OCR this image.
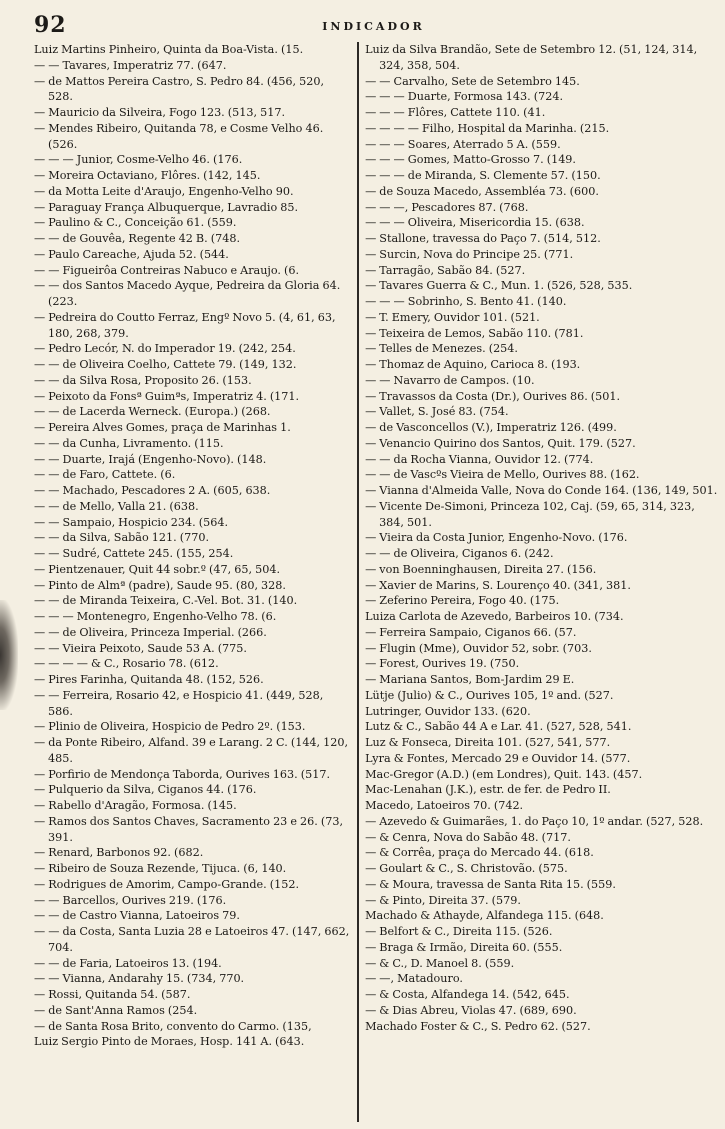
92	INDICADOR
Luiz Martins Pinheiro, Quinta da Boa-Vista. (15.
— — Tavares, Imperatriz 77. (647.
— de Mattos Pereira Castro, S. Pedro 84. (456, 520, 528.
— Mauricio da Silveira, Fogo 123. (513, 517.
— Mendes Ribeiro, Quitanda 78, e Cosme Velho 46. (526.
— — — Junior, Cosme-Velho 46. (176.
— Moreira Octaviano, Flôres. (142, 145.
— da Motta Leite d'Araujo, Engenho-Velho 90.
— Paraguay França Albuquerque, Lavradio 85.
— Paulino & C., Conceição 61. (559.
— — de Gouvêa, Regente 42 B. (748.
— Paulo Careache, Ajuda 52. (544.
— — Figueirôa Contreiras Nabuco e Araujo. (6.
— — dos Santos Macedo Ayque, Pedreira da Gloria 64. (223.
— Pedreira do Coutto Ferraz, Engº Novo 5. (4, 61, 63, 180, 268, 379.
— Pedro Lecór, N. do Imperador 19. (242, 254.
— — de Oliveira Coelho, Cattete 79. (149, 132.
— — da Silva Rosa, Proposito 26. (153.
— Peixoto da Fonsª Guimªs, Imperatriz 4. (171.
— — de Lacerda Werneck. (Europa.) (268.
— Pereira Alves Gomes, praça de Marinhas 1.
— — da Cunha, Livramento. (115.
— — Duarte, Irajá (Engenho-Novo). (148.
— — de Faro, Cattete. (6.
— — Machado, Pescadores 2 A. (605, 638.
— — de Mello, Valla 21. (638.
— — Sampaio, Hospicio 234. (564.
— — da Silva, Sabão 121. (770.
— — Sudré, Cattete 245. (155, 254.
— Pientzenauer, Quit 44 sobr.º (47, 65, 504.
— Pinto de Almª (padre), Saude 95. (80, 328.
— — de Miranda Teixeira, C.-Vel. Bot. 31. (140.
— — — Montenegro, Engenho-Velho 78. (6.
— — de Oliveira, Princeza Imperial. (266.
— — Vieira Peixoto, Saude 53 A. (775.
— — — — & C., Rosario 78. (612.
— Pires Farinha, Quitanda 48. (152, 526.
— — Ferreira, Rosario 42, e Hospicio 41. (449, 528, 586.
— Plinio de Oliveira, Hospicio de Pedro 2º. (153.
— da Ponte Ribeiro, Alfand. 39 e Larang. 2 C. (144, 120, 485.
— Porfirio de Mendonça Taborda, Ourives 163. (517.
— Pulquerio da Silva, Ciganos 44. (176.
— Rabello d'Aragão, Formosa. (145.
— Ramos dos Santos Chaves, Sacramento 23 e 26. (73, 391.
— Renard, Barbonos 92. (682.
— Ribeiro de Souza Rezende, Tijuca. (6, 140.
— Rodrigues de Amorim, Campo-Grande. (152.
— — Barcellos, Ourives 219. (176.
— — de Castro Vianna, Latoeiros 79.
— — da Costa, Santa Luzia 28 e Latoeiros 47. (147, 662, 704.
— — de Faria, Latoeiros 13. (194.
— — Vianna, Andarahy 15. (734, 770.
— Rossi, Quitanda 54. (587.
— de Sant'Anna Ramos (254.
— de Santa Rosa Brito, convento do Carmo. (135,
Luiz Sergio Pinto de Moraes, Hosp. 141 A. (643.
Luiz da Silva Brandão, Sete de Setembro 12. (51, 124, 314, 324, 358, 504.
— — Carvalho, Sete de Setembro 145.
— — — Duarte, Formosa 143. (724.
— — — Flôres, Cattete 110. (41.
— — — — Filho, Hospital da Marinha. (215.
— — — Soares, Aterrado 5 A. (559.
— — — Gomes, Matto-Grosso 7. (149.
— — — de Miranda, S. Clemente 57. (150.
— de Souza Macedo, Assembléa 73. (600.
— — —, Pescadores 87. (768.
— — — Oliveira, Misericordia 15. (638.
— Stallone, travessa do Paço 7. (514, 512.
— Surcin, Nova do Principe 25. (771.
— Tarragão, Sabão 84. (527.
— Tavares Guerra & C., Mun. 1. (526, 528, 535.
— — — Sobrinho, S. Bento 41. (140.
— T. Emery, Ouvidor 101. (521.
— Teixeira de Lemos, Sabão 110. (781.
— Telles de Menezes. (254.
— Thomaz de Aquino, Carioca 8. (193.
— — Navarro de Campos. (10.
— Travassos da Costa (Dr.), Ourives 86. (501.
— Vallet, S. José 83. (754.
— de Vasconcellos (V.), Imperatriz 126. (499.
— Venancio Quirino dos Santos, Quit. 179. (527.
— — da Rocha Vianna, Ouvidor 12. (774.
— — de Vascºs Vieira de Mello, Ourives 88. (162.
— Vianna d'Almeida Valle, Nova do Conde 164. (136, 149, 501.
— Vicente De-Simoni, Princeza 102, Caj. (59, 65, 314, 323, 384, 501.
— Vieira da Costa Junior, Engenho-Novo. (176.
— — de Oliveira, Ciganos 6. (242.
— von Boenninghausen, Direita 27. (156.
— Xavier de Marins, S. Lourenço 40. (341, 381.
— Zeferino Pereira, Fogo 40. (175.
Luiza Carlota de Azevedo, Barbeiros 10. (734.
— Ferreira Sampaio, Ciganos 66. (57.
— Flugin (Mme), Ouvidor 52, sobr. (703.
— Forest, Ourives 19. (750.
— Mariana Santos, Bom-Jardim 29 E.
Lütje (Julio) & C., Ourives 105, 1º and. (527.
Lutringer, Ouvidor 133. (620.
Lutz & C., Sabão 44 A e Lar. 41. (527, 528, 541.
Luz & Fonseca, Direita 101. (527, 541, 577.
Lyra & Fontes, Mercado 29 e Ouvidor 14. (577.
Mac-Gregor (A.D.) (em Londres), Quit. 143. (457.
Mac-Lenahan (J.K.), estr. de fer. de Pedro II.
Macedo, Latoeiros 70. (742.
— Azevedo & Guimarães, 1. do Paço 10, 1º andar. (527, 528.
— & Cenra, Nova do Sabão 48. (717.
— & Corrêa, praça do Mercado 44. (618.
— Goulart & C., S. Christovão. (575.
— & Moura, travessa de Santa Rita 15. (559.
— & Pinto, Direita 37. (579.
Machado & Athayde, Alfandega 115. (648.
— Belfort & C., Direita 115. (526.
— Braga & Irmão, Direita 60. (555.
— & C., D. Manoel 8. (559.
— —, Matadouro.
— & Costa, Alfandega 14. (542, 645.
— & Dias Abreu, Violas 47. (689, 690.
Machado Foster & C., S. Pedro 62. (527.
